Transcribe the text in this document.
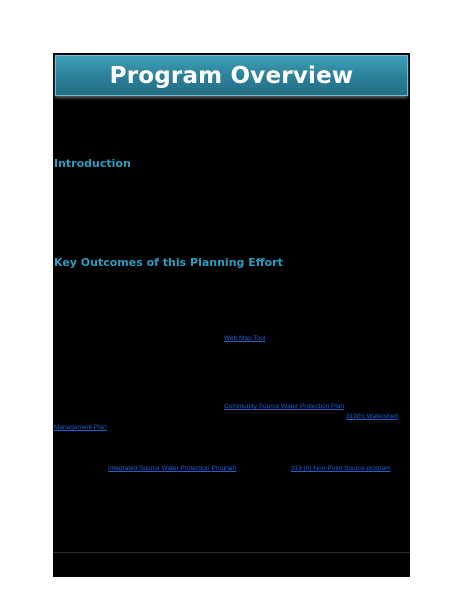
Program Overview
Introduction
Key Outcomes of this Planning Effort
Web Map Tool
Community Source Water Protection Plan
319(h) Watershed
Management Plan
Integrated Source Water Protection Program	319 (h) Non-Point Source program
